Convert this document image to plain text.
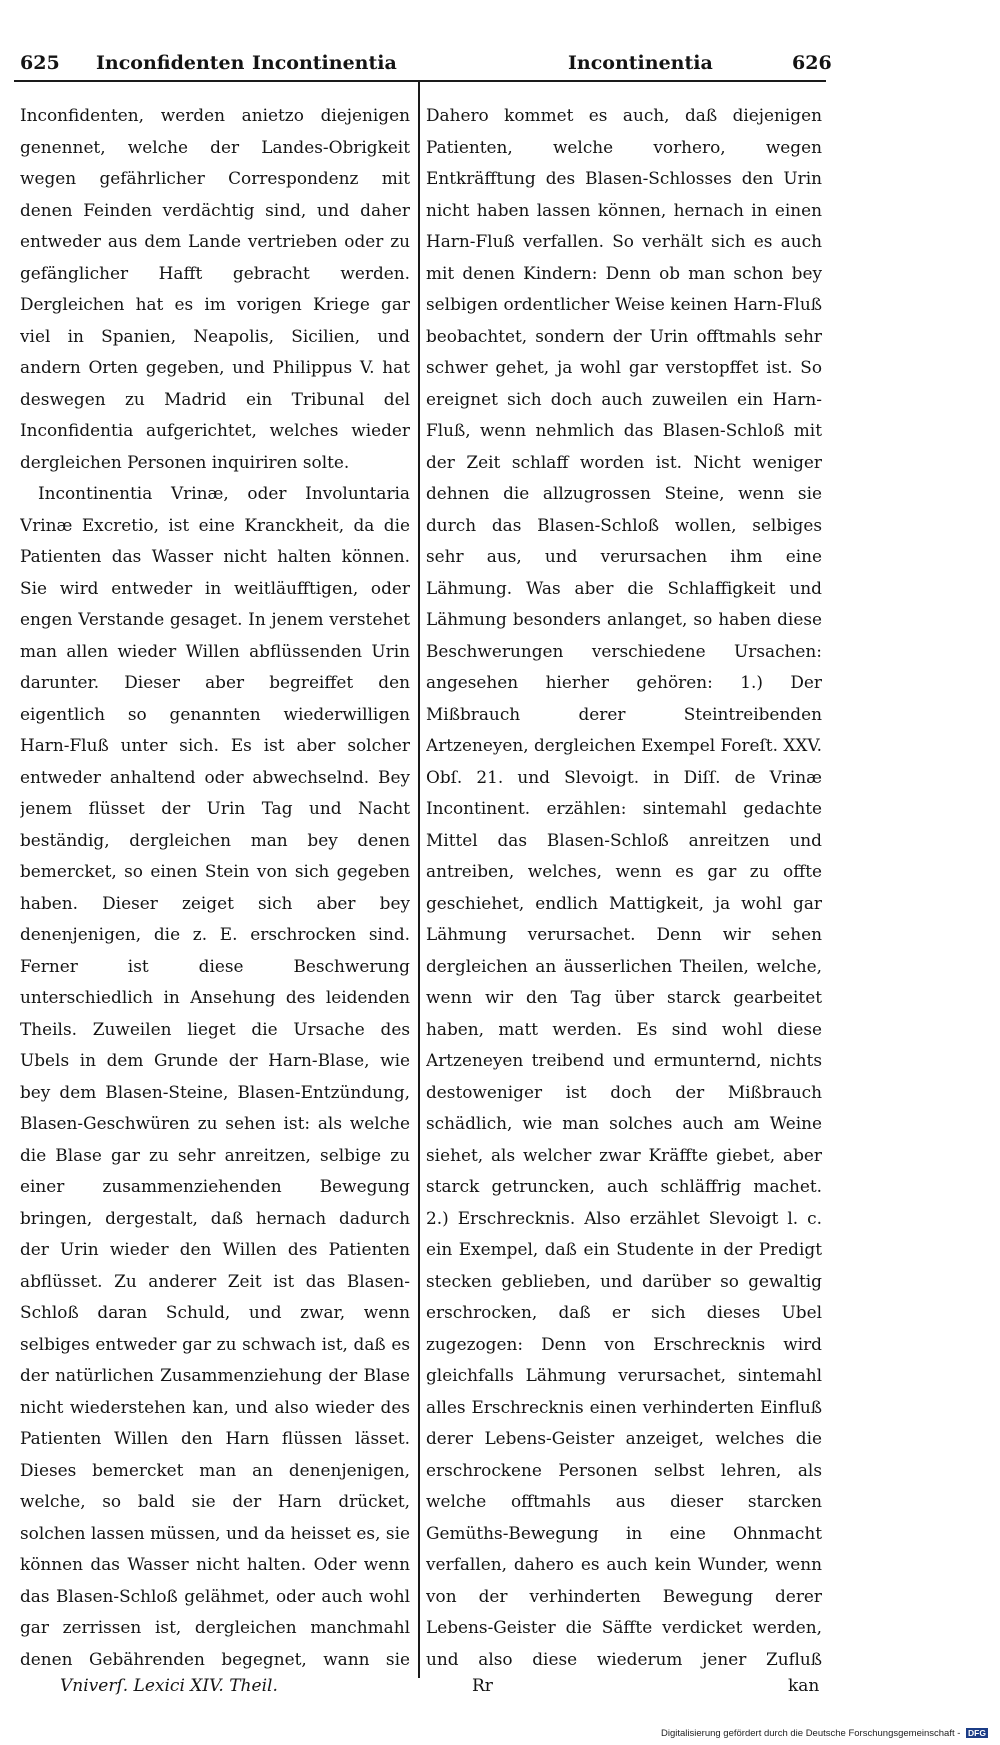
625 Inconfidenten Incontinentia	Incontinentia	626

Inconfidenten, werden anietzo diejenigen genennet, welche der Landes-Obrigkeit wegen gefährlicher Correspondenz mit denen Feinden verdächtig sind, und daher entweder aus dem Lande vertrieben oder zu gefänglicher Hafft gebracht werden. Dergleichen hat es im vorigen Kriege gar viel in Spanien, Neapolis, Sicilien, und andern Orten gegeben, und Philippus V. hat deswegen zu Madrid ein Tribunal del Inconfidentia aufgerichtet, welches wieder dergleichen Personen inquiriren solte.

Incontinentia Vrinæ, oder Involuntaria Vrinæ Excretio, ist eine Kranckheit, da die Patienten das Wasser nicht halten können. Sie wird entweder in weitläufftigen, oder engen Verstande gesaget. In jenem verstehet man allen wieder Willen abflüssenden Urin darunter. Dieser aber begreiffet den eigentlich so genannten wiederwilligen Harn-Fluß unter sich. Es ist aber solcher entweder anhaltend oder abwechselnd. Bey jenem flüsset der Urin Tag und Nacht beständig, dergleichen man bey denen bemercket, so einen Stein von sich gegeben haben. Dieser zeiget sich aber bey denenjenigen, die z. E. erschrocken sind. Ferner ist diese Beschwerung unterschiedlich in Ansehung des leidenden Theils. Zuweilen lieget die Ursache des Ubels in dem Grunde der Harn-Blase, wie bey dem Blasen-Steine, Blasen-Entzündung, Blasen-Geschwüren zu sehen ist: als welche die Blase gar zu sehr anreitzen, selbige zu einer zusammenziehenden Bewegung bringen, dergestalt, daß hernach dadurch der Urin wieder den Willen des Patienten abflüsset. Zu anderer Zeit ist das Blasen-Schloß daran Schuld, und zwar, wenn selbiges entweder gar zu schwach ist, daß es der natürlichen Zusammenziehung der Blase nicht wiederstehen kan, und also wieder des Patienten Willen den Harn flüssen lässet. Dieses bemercket man an denenjenigen, welche, so bald sie der Harn drücket, solchen lassen müssen, und da heisset es, sie können das Wasser nicht halten. Oder wenn das Blasen-Schloß gelähmet, oder auch wohl gar zerrissen ist, dergleichen manchmahl denen Gebährenden begegnet, wann sie

Dahero kommet es auch, daß diejenigen Patienten, welche vorhero, wegen Entkräfftung des Blasen-Schlosses den Urin nicht haben lassen können, hernach in einen Harn-Fluß verfallen. So verhält sich es auch mit denen Kindern: Denn ob man schon bey selbigen ordentlicher Weise keinen Harn-Fluß beobachtet, sondern der Urin offtmahls sehr schwer gehet, ja wohl gar verstopffet ist. So ereignet sich doch auch zuweilen ein Harn-Fluß, wenn nehmlich das Blasen-Schloß mit der Zeit schlaff worden ist. Nicht weniger dehnen die allzugrossen Steine, wenn sie durch das Blasen-Schloß wollen, selbiges sehr aus, und verursachen ihm eine Lähmung. Was aber die Schlaffigkeit und Lähmung besonders anlanget, so haben diese Beschwerungen verschiedene Ursachen: angesehen hierher gehören: 1.) Der Mißbrauch derer Steintreibenden Artzeneyen, dergleichen Exempel Foreſt. XXV. Obſ. 21. und Slevoigt. in Diſſ. de Vrinæ Incontinent. erzählen: sintemahl gedachte Mittel das Blasen-Schloß anreitzen und antreiben, welches, wenn es gar zu offte geschiehet, endlich Mattigkeit, ja wohl gar Lähmung verursachet. Denn wir sehen dergleichen an äusserlichen Theilen, welche, wenn wir den Tag über starck gearbeitet haben, matt werden. Es sind wohl diese Artzeneyen treibend und ermunternd, nichts destoweniger ist doch der Mißbrauch schädlich, wie man solches auch am Weine siehet, als welcher zwar Kräffte giebet, aber starck getruncken, auch schläffrig machet. 2.) Erschrecknis. Also erzählet Slevoigt l. c. ein Exempel, daß ein Studente in der Predigt stecken geblieben, und darüber so gewaltig erschrocken, daß er sich dieses Ubel zugezogen: Denn von Erschrecknis wird gleichfalls Lähmung verursachet, sintemahl alles Erschrecknis einen verhinderten Einfluß derer Lebens-Geister anzeiget, welches die erschrockene Personen selbst lehren, als welche offtmahls aus dieser starcken Gemüths-Bewegung in eine Ohnmacht verfallen, dahero es auch kein Wunder, wenn von der verhinderten Bewegung derer Lebens-Geister die Säffte verdicket werden, und also diese wiederum jener Zufluß

Vniverſ. Lexici XIV. Theil.	Rr	kan
Digitalisierung gefördert durch die Deutsche Forschungsgemeinschaft - DFG
